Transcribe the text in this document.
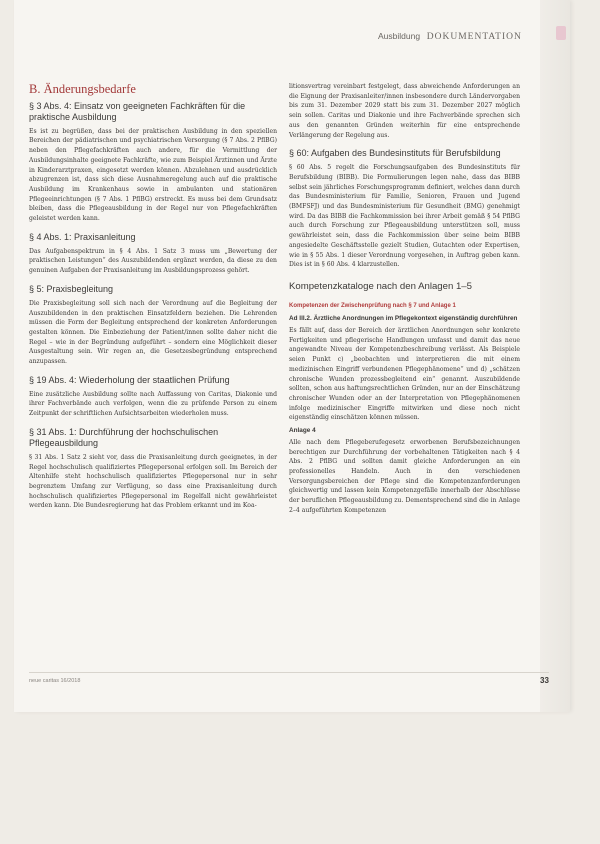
Ausbildung DOKUMENTATION
B. Änderungsbedarfe
§ 3 Abs. 4: Einsatz von geeigneten Fachkräften für die praktische Ausbildung

Es ist zu begrüßen, dass bei der praktischen Ausbildung in den speziellen Bereichen der pädiatrischen und psychiatrischen Versorgung (§ 7 Abs. 2 PflBG) neben den Pflegefachkräften auch andere, für die Vermittlung der Ausbildungsinhalte geeignete Fachkräfte, wie zum Beispiel Ärztinnen und Ärzte in Kinderarztpraxen, eingesetzt werden können. Abzulehnen und ausdrücklich abzugrenzen ist, dass sich diese Ausnahmeregelung auch auf die praktische Ausbildung im Krankenhaus sowie in ambulanten und stationären Pflegeeinrichtungen (§ 7 Abs. 1 PflBG) erstreckt. Es muss bei dem Grundsatz bleiben, dass die Pflegeausbildung in der Regel nur von Pflegefachkräften geleistet werden kann.

§ 4 Abs. 1: Praxisanleitung

Das Aufgabenspektrum in § 4 Abs. 1 Satz 3 muss um „Bewertung der praktischen Leistungen“ des Auszubildenden ergänzt werden, da diese zu den genuinen Aufgaben der Praxisanleitung im Ausbildungsprozess gehört.

§ 5: Praxisbegleitung

Die Praxisbegleitung soll sich nach der Verordnung auf die Begleitung der Auszubildenden in den praktischen Einsatzfeldern beziehen. Die Lehrenden müssen die Form der Begleitung entsprechend der konkreten Anforderungen gestalten können. Die Einbeziehung der Patient/innen sollte daher nicht die Regel – wie in der Begründung aufgeführt – sondern eine Möglichkeit dieser Ausgestaltung sein. Wir regen an, die Gesetzesbegründung entsprechend anzupassen.

§ 19 Abs. 4: Wiederholung der staatlichen Prüfung

Eine zusätzliche Ausbildung sollte nach Auffassung von Caritas, Diakonie und ihrer Fachverbände auch verfolgen, wenn die zu prüfende Person zu einem Zeitpunkt der schriftlichen Aufsichtsarbeiten wiederholen muss.

§ 31 Abs. 1: Durchführung der hochschulischen Pflegeausbildung

§ 31 Abs. 1 Satz 2 sieht vor, dass die Praxisanleitung durch geeignetes, in der Regel hochschulisch qualifiziertes Pflegepersonal erfolgen soll. Im Bereich der Altenhilfe steht hochschulisch qualifiziertes Pflegepersonal nur in sehr begrenztem Umfang zur Verfügung, so dass eine Praxisanleitung durch hochschulisch qualifiziertes Pflegepersonal im Regelfall nicht gewährleistet werden kann. Die Bundesregierung hat das Problem erkannt und im Koa-

litionsvertrag vereinbart festgelegt, dass abweichende Anforderungen an die Eignung der Praxisanleiter/innen insbesondere durch Ländervorgaben bis zum 31. Dezember 2029 statt bis zum 31. Dezember 2027 möglich sein sollen. Caritas und Diakonie und ihre Fachverbände sprechen sich aus den genannten Gründen weiterhin für eine entsprechende Verlängerung der Regelung aus.

§ 60: Aufgaben des Bundesinstituts für Berufsbildung

§ 60 Abs. 5 regelt die Forschungsaufgaben des Bundesinstituts für Berufsbildung (BIBB). Die Formulierungen legen nahe, dass das BIBB selbst sein jährliches Forschungsprogramm definiert, welches dann durch das Bundesministerium für Familie, Senioren, Frauen und Jugend (BMFSFJ) und das Bundesministerium für Gesundheit (BMG) genehmigt wird. Da das BIBB die Fachkommission bei ihrer Arbeit gemäß § 54 PflBG auch durch Forschung zur Pflegeausbildung unterstützen soll, muss gewährleistet sein, dass die Fachkommission über seine beim BIBB angesiedelte Geschäftsstelle gezielt Studien, Gutachten oder Expertisen, wie in § 55 Abs. 1 dieser Verordnung vorgesehen, in Auftrag geben kann. Dies ist in § 60 Abs. 4 klarzustellen.

Kompetenzkataloge nach den Anlagen 1–5
Kompetenzen der Zwischenprüfung nach § 7 und Anlage 1
Ad III.2. Ärztliche Anordnungen im Pflegekontext eigenständig durchführen

Es fällt auf, dass der Bereich der ärztlichen Anordnungen sehr konkrete Fertigkeiten und pflegerische Handlungen umfasst und damit das neue angewandte Niveau der Kompetenzbeschreibung verlässt. Als Beispiele seien Punkt c) „beobachten und interpretieren die mit einem medizinischen Eingriff verbundenen Pflegephänomene“ und d) „schätzen chronische Wunden prozessbegleitend ein“ genannt. Auszubildende sollten, schon aus haftungsrechtlichen Gründen, nur an der Einschätzung chronischer Wunden oder an der Interpretation von Pflegephänomenen infolge medizinischer Eingriffe mitwirken und diese noch nicht eigenständig einschätzen können müssen.

Anlage 4

Alle nach dem Pflegeberufegesetz erworbenen Berufsbezeichnungen berechtigen zur Durchführung der vorbehaltenen Tätigkeiten nach § 4 Abs. 2 PflBG und sollten damit gleiche Anforderungen an ein professionelles Handeln. Auch in den verschiedenen Versorgungsbereichen der Pflege sind die Kompetenzanforderungen gleichwertig und lassen kein Kompetenzgefälle innerhalb der Abschlüsse der beruflichen Pflegeausbildung zu. Dementsprechend sind die in Anlage 2–4 aufgeführten Kompetenzen

neue caritas 16/2018	33
